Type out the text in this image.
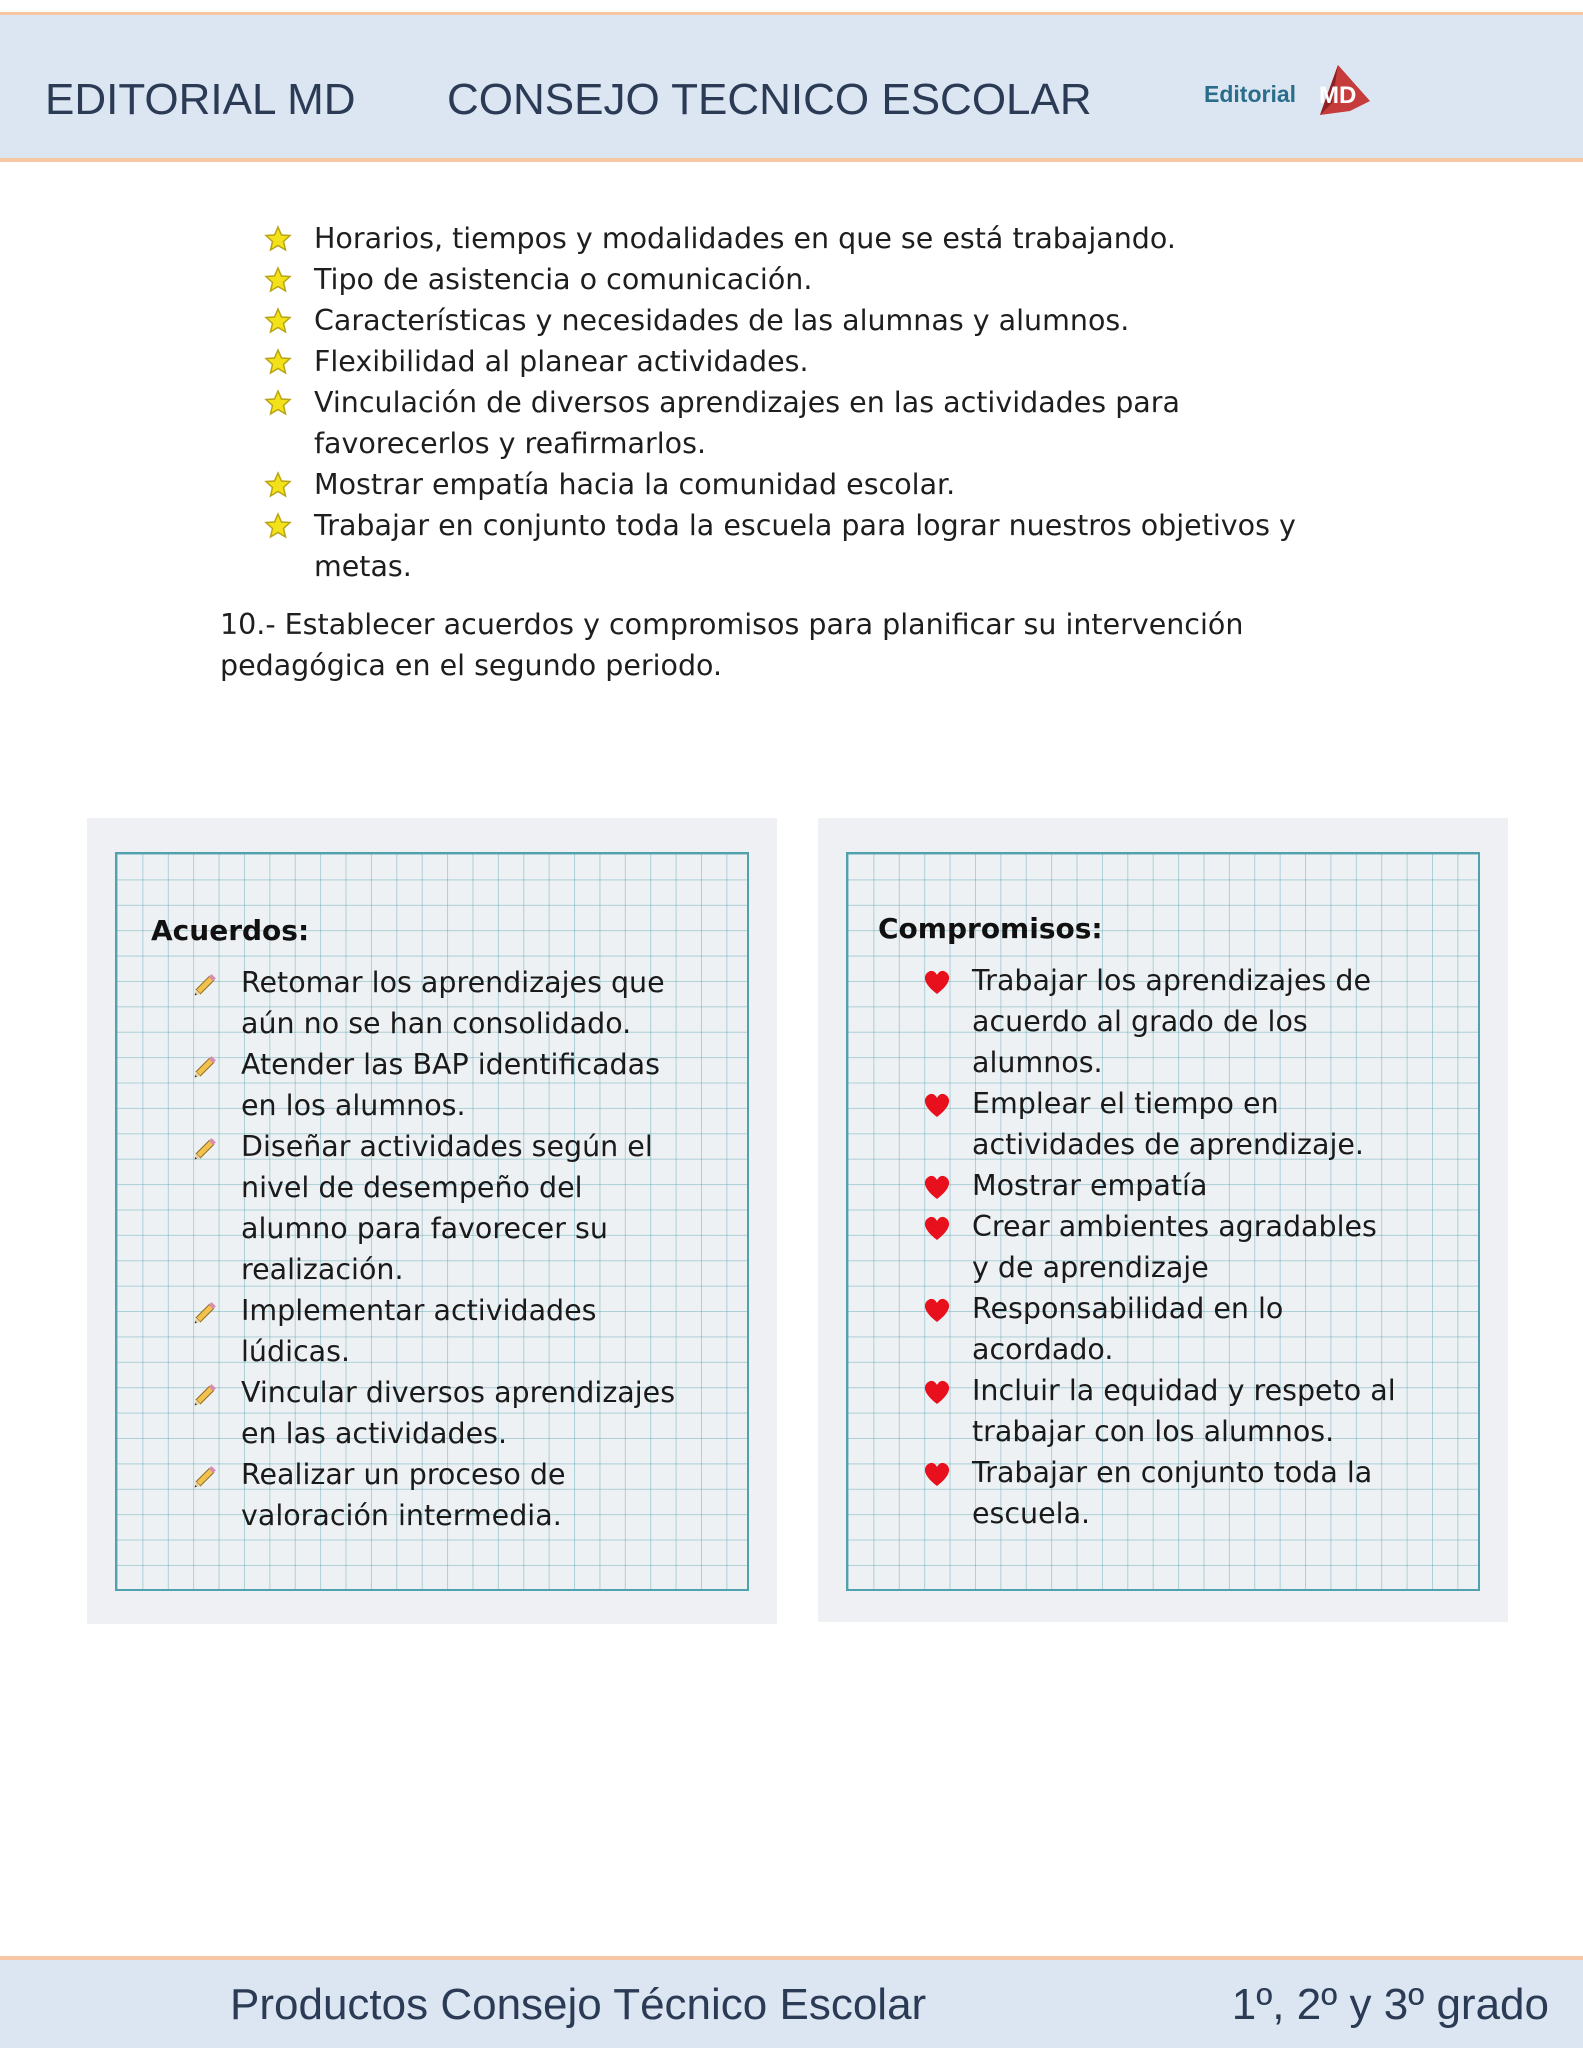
EDITORIAL MD CONSEJO TECNICO ESCOLAR	Editorial MD
Horarios, tiempos y modalidades en que se está trabajando.
Tipo de asistencia o comunicación.
Características y necesidades de las alumnas y alumnos.
Flexibilidad al planear actividades.
Vinculación de diversos aprendizajes en las actividades para
favorecerlos y reafirmarlos.
Mostrar empatía hacia la comunidad escolar.
Trabajar en conjunto toda la escuela para lograr nuestros objetivos y
metas.
10.- Establecer acuerdos y compromisos para planificar su intervención
pedagógica en el segundo periodo.
Acuerdos:
Retomar los aprendizajes que
aún no se han consolidado.
Atender las BAP identificadas
en los alumnos.
Diseñar actividades según el
nivel de desempeño del
alumno para favorecer su
realización.
Implementar actividades
lúdicas.
Vincular diversos aprendizajes
en las actividades.
Realizar un proceso de
valoración intermedia.
Compromisos:
Trabajar los aprendizajes de
acuerdo al grado de los
alumnos.
Emplear el tiempo en
actividades de aprendizaje.
Mostrar empatía
Crear ambientes agradables
y de aprendizaje
Responsabilidad en lo
acordado.
Incluir la equidad y respeto al
trabajar con los alumnos.
Trabajar en conjunto toda la
escuela.
Productos Consejo Técnico Escolar	1º, 2º y 3º grado
